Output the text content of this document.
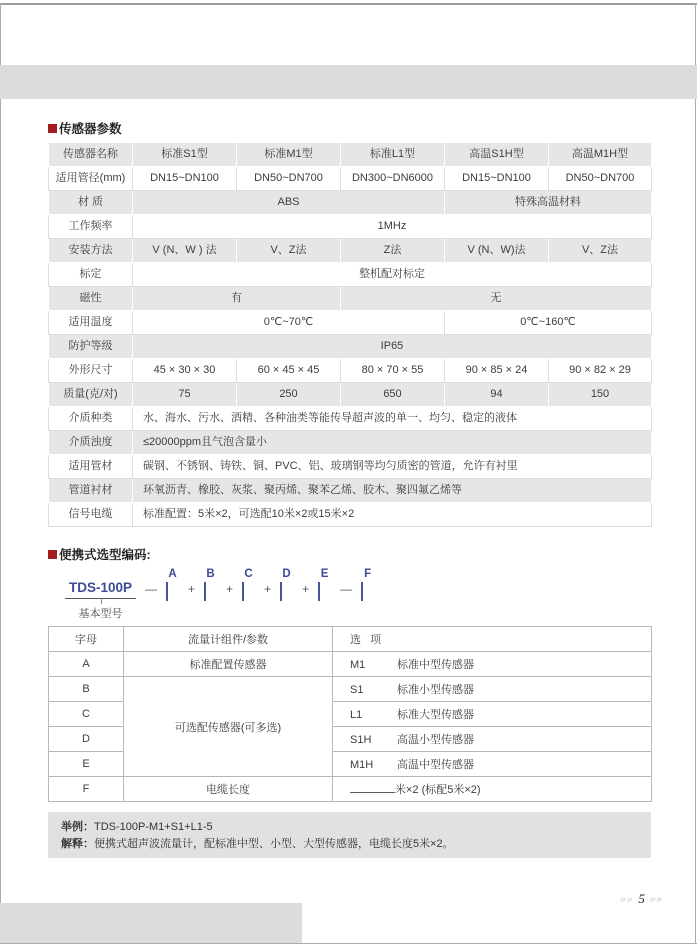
传感器参数
传感器名称	标准S1型	标准M1型	标准L1型	高温S1H型	高温M1H型
适用管径(mm)	DN15~DN100	DN50~DN700	DN300~DN6000	DN15~DN100	DN50~DN700
材 质	ABS			特殊高温材料	
工作频率	1MHz				
安装方法	V (N、W ) 法	V、Z法	Z法	V (N、W)法	V、Z法
标定	整机配对标定				
磁性	有		无		
适用温度	0℃~70℃			0℃~160℃	
防护等级	IP65				
外形尺寸	45 × 30 × 30	60 × 45 × 45	80 × 70 × 55	90 × 85 × 24	90 × 82 × 29
质量(克/对)	75	250	650	94	150
介质种类	水、海水、污水、酒精、各种油类等能传导超声波的单一、均匀、稳定的液体				
介质浊度	≤20000ppm且气泡含量小				
适用管材	碳钢、不锈钢、铸铁、铜、PVC、铝、玻璃钢等均匀质密的管道，允许有衬里				
管道衬材	环氧沥青、橡胶、灰浆、聚丙烯、聚苯乙烯、胶木、聚四氟乙烯等				
信号电缆	标准配置：5米×2，可选配10米×2或15米×2				
便携式选型编码:
TDS-100P
基本型号
—
A
+
B
+
C
+
D
+
E
—
F
字母	流量计组件/参数	选   项
A	标准配置传感器	M1 标准中型传感器
B	可选配传感器(可多选)	S1 标准小型传感器
C		L1 标准大型传感器
D		S1H 高温小型传感器
E		M1H 高温中型传感器
F	电缆长度	米×2 (标配5米×2)
举例：TDS-100P-M1+S1+L1-5
解释：便携式超声波流量计，配标准中型、小型、大型传感器，电缆长度5米×2。
»» 5 »»
